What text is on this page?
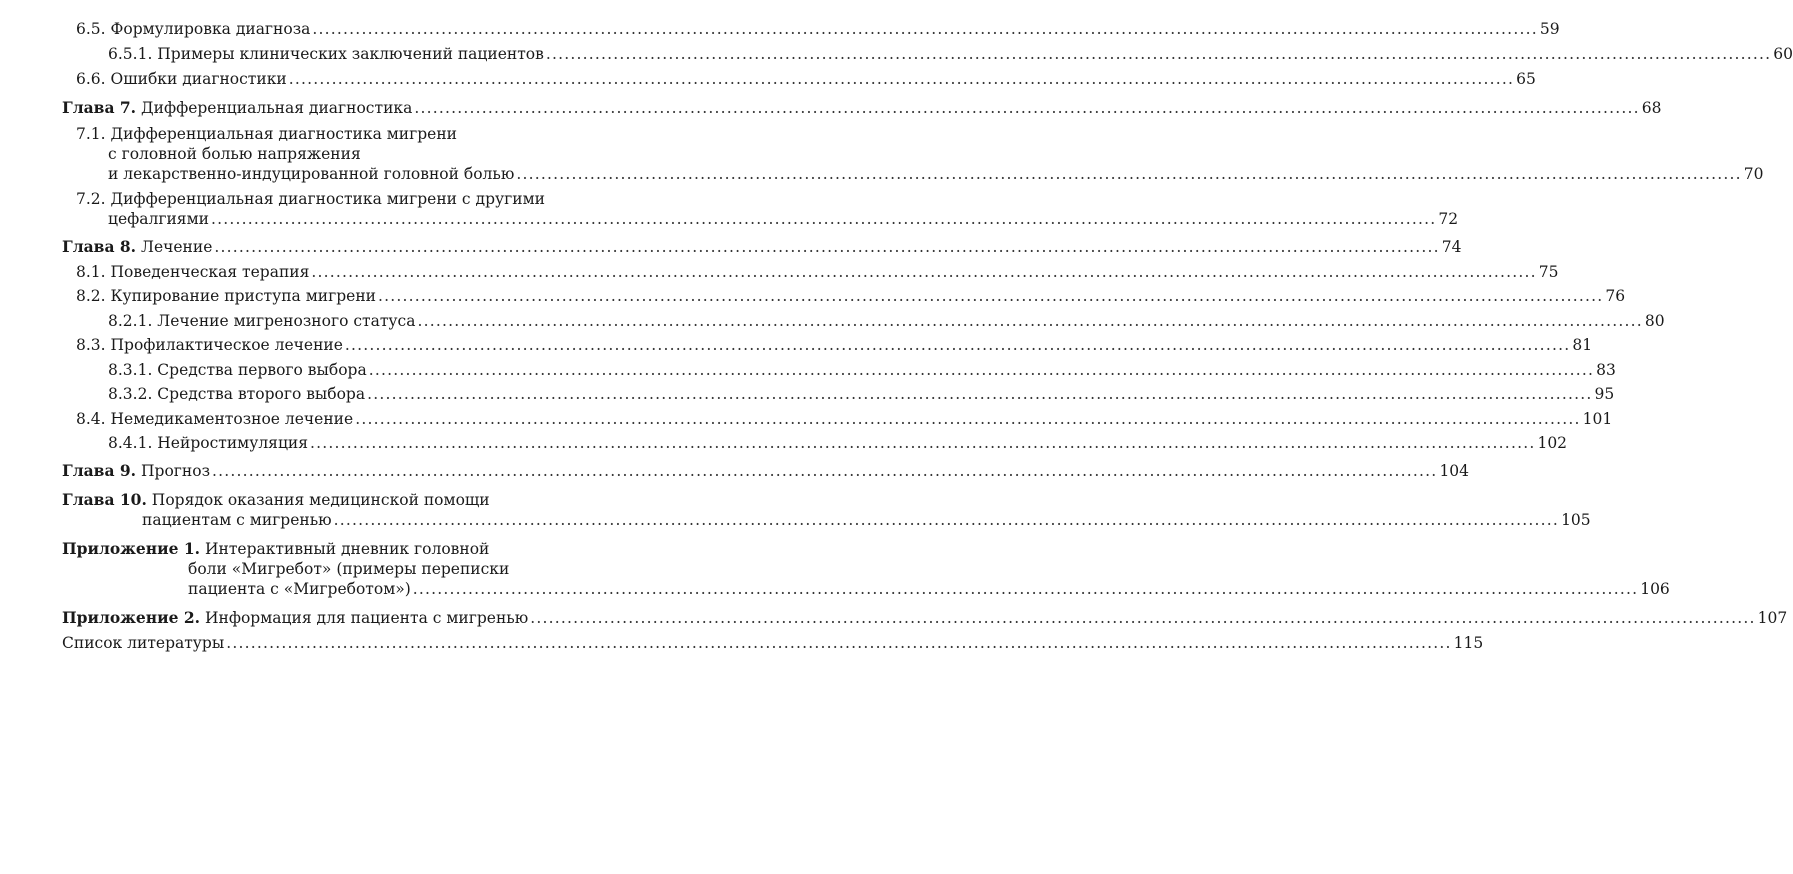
6.5. Формулировка диагноза ........................................................................................................................................................................................................ 59
6.5.1. Примеры клинических заключений пациентов ........................................................................................................................................................................................................ 60
6.6. Ошибки диагностики ........................................................................................................................................................................................................ 65
Глава 7. Дифференциальная диагностика ........................................................................................................................................................................................................ 68
7.1. Дифференциальная диагностика мигрени
с головной болью напряжения
и лекарственно-индуцированной головной болью ........................................................................................................................................................................................................ 70
7.2. Дифференциальная диагностика мигрени с другими
цефалгиями ........................................................................................................................................................................................................ 72
Глава 8. Лечение ........................................................................................................................................................................................................ 74
8.1. Поведенческая терапия ........................................................................................................................................................................................................ 75
8.2. Купирование приступа мигрени ........................................................................................................................................................................................................ 76
8.2.1. Лечение мигренозного статуса ........................................................................................................................................................................................................ 80
8.3. Профилактическое лечение ........................................................................................................................................................................................................ 81
8.3.1. Средства первого выбора ........................................................................................................................................................................................................ 83
8.3.2. Средства второго выбора ........................................................................................................................................................................................................ 95
8.4. Немедикаментозное лечение ........................................................................................................................................................................................................ 101
8.4.1. Нейростимуляция ........................................................................................................................................................................................................ 102
Глава 9. Прогноз ........................................................................................................................................................................................................ 104
Глава 10. Порядок оказания медицинской помощи
пациентам с мигренью ........................................................................................................................................................................................................ 105
Приложение 1. Интерактивный дневник головной
боли «Мигребот» (примеры переписки
пациента с «Мигреботом») ........................................................................................................................................................................................................ 106
Приложение 2. Информация для пациента с мигренью ........................................................................................................................................................................................................ 107
Список литературы ........................................................................................................................................................................................................ 115
